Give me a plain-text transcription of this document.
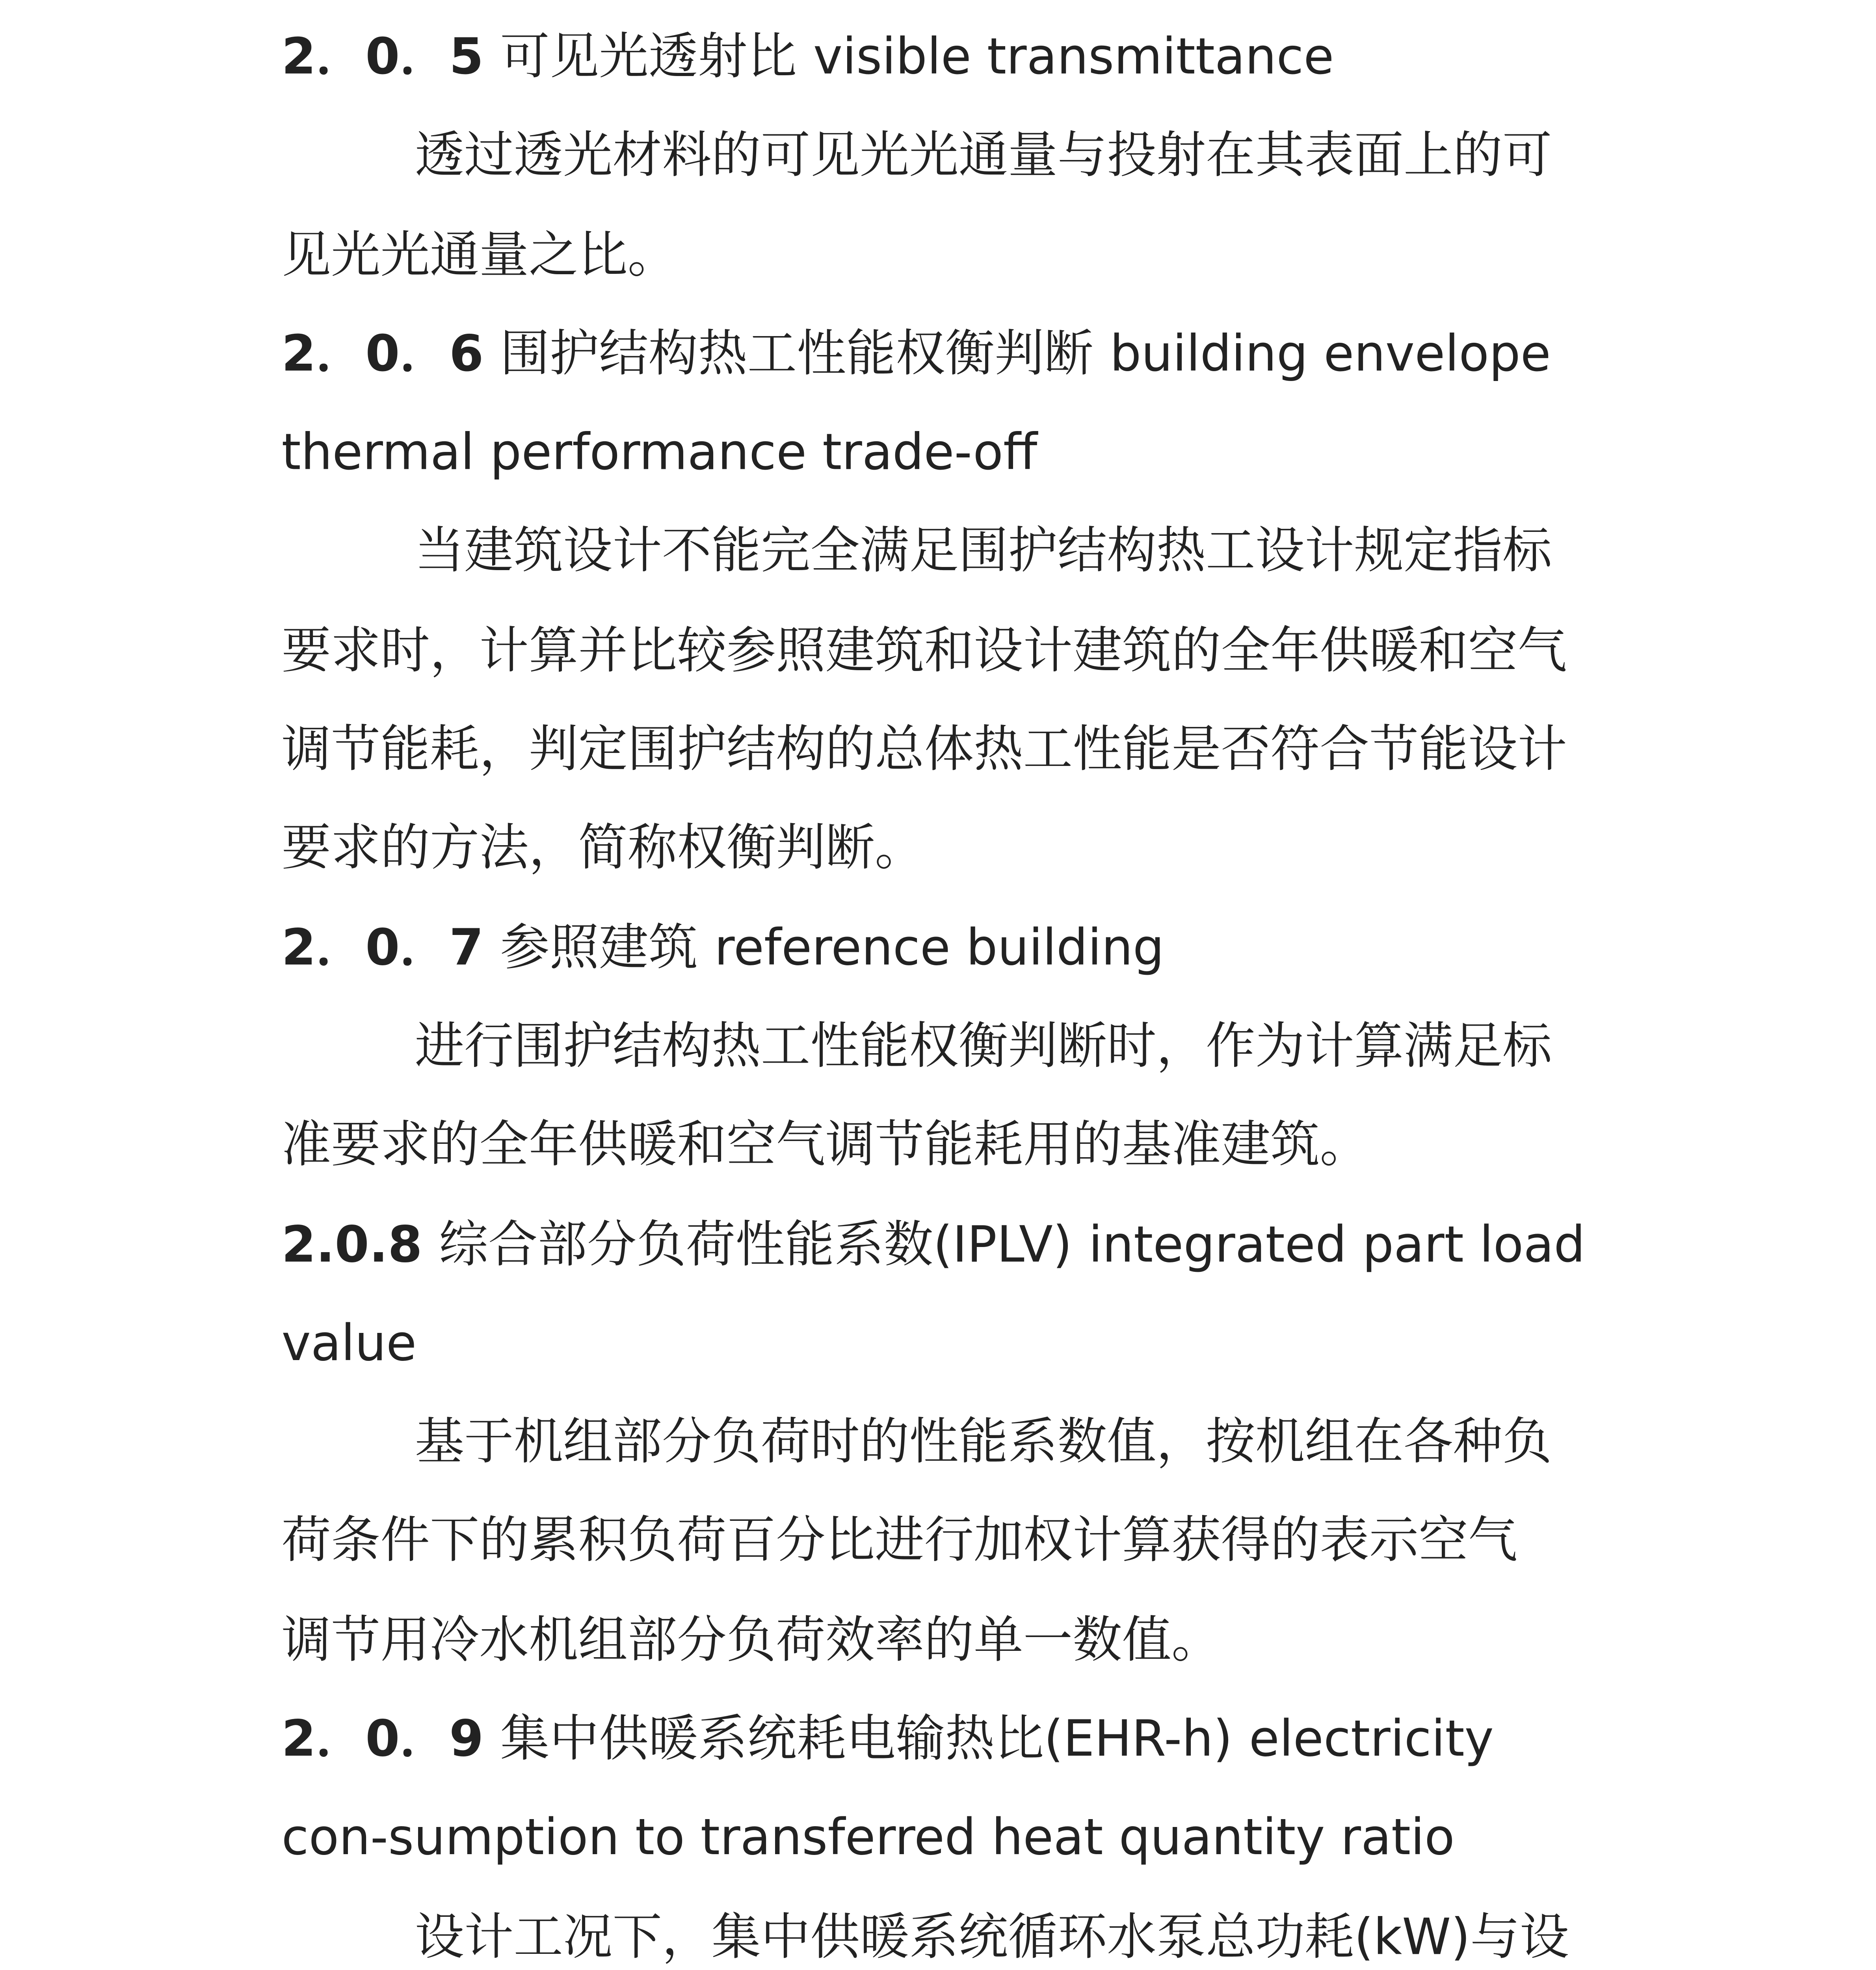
2．0．5 可见光透射比 visible transmittance
透过透光材料的可见光光通量与投射在其表面上的可
见光光通量之比。
2．0．6 围护结构热工性能权衡判断 building envelope
thermal performance trade-off
当建筑设计不能完全满足围护结构热工设计规定指标
要求时，计算并比较参照建筑和设计建筑的全年供暖和空气
调节能耗，判定围护结构的总体热工性能是否符合节能设计
要求的方法，简称权衡判断。
2．0．7 参照建筑 reference building
进行围护结构热工性能权衡判断时，作为计算满足标
准要求的全年供暖和空气调节能耗用的基准建筑。
2.0.8 综合部分负荷性能系数(IPLV) integrated part load
value
基于机组部分负荷时的性能系数值，按机组在各种负
荷条件下的累积负荷百分比进行加权计算获得的表示空气
调节用冷水机组部分负荷效率的单一数值。
2．0．9 集中供暖系统耗电输热比(EHR-h) electricity
con-sumption to transferred heat quantity ratio
设计工况下，集中供暖系统循环水泵总功耗(kW)与设
